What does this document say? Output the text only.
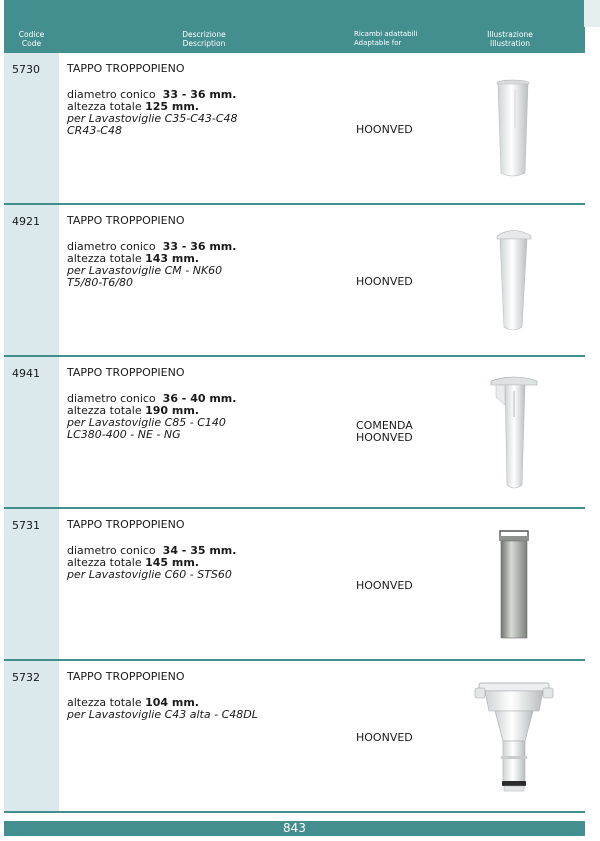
Codice
Code
Descrizione
Description
Ricambi adattabili
Adaptable for
Illustrazione
Illustration
5730 TAPPO TROPPOPIENO
diametro conico 33 - 36 mm.
altezza totale 125 mm.
per Lavastoviglie C35-C43-C48
CR43-C48	HOONVED
4921 TAPPO TROPPOPIENO
diametro conico 33 - 36 mm.
altezza totale 143 mm.
per Lavastoviglie CM - NK60
T5/80-T6/80	HOONVED
4941 TAPPO TROPPOPIENO
diametro conico 36 - 40 mm.
altezza totale 190 mm.
per Lavastoviglie C85 - C140
LC380-400 - NE - NG
COMENDA
HOONVED
5731 TAPPO TROPPOPIENO
diametro conico 34 - 35 mm.
altezza totale 145 mm.
per Lavastoviglie C60 - STS60
HOONVED
5732 TAPPO TROPPOPIENO
altezza totale 104 mm.
per Lavastoviglie C43 alta - C48DL
HOONVED
843
